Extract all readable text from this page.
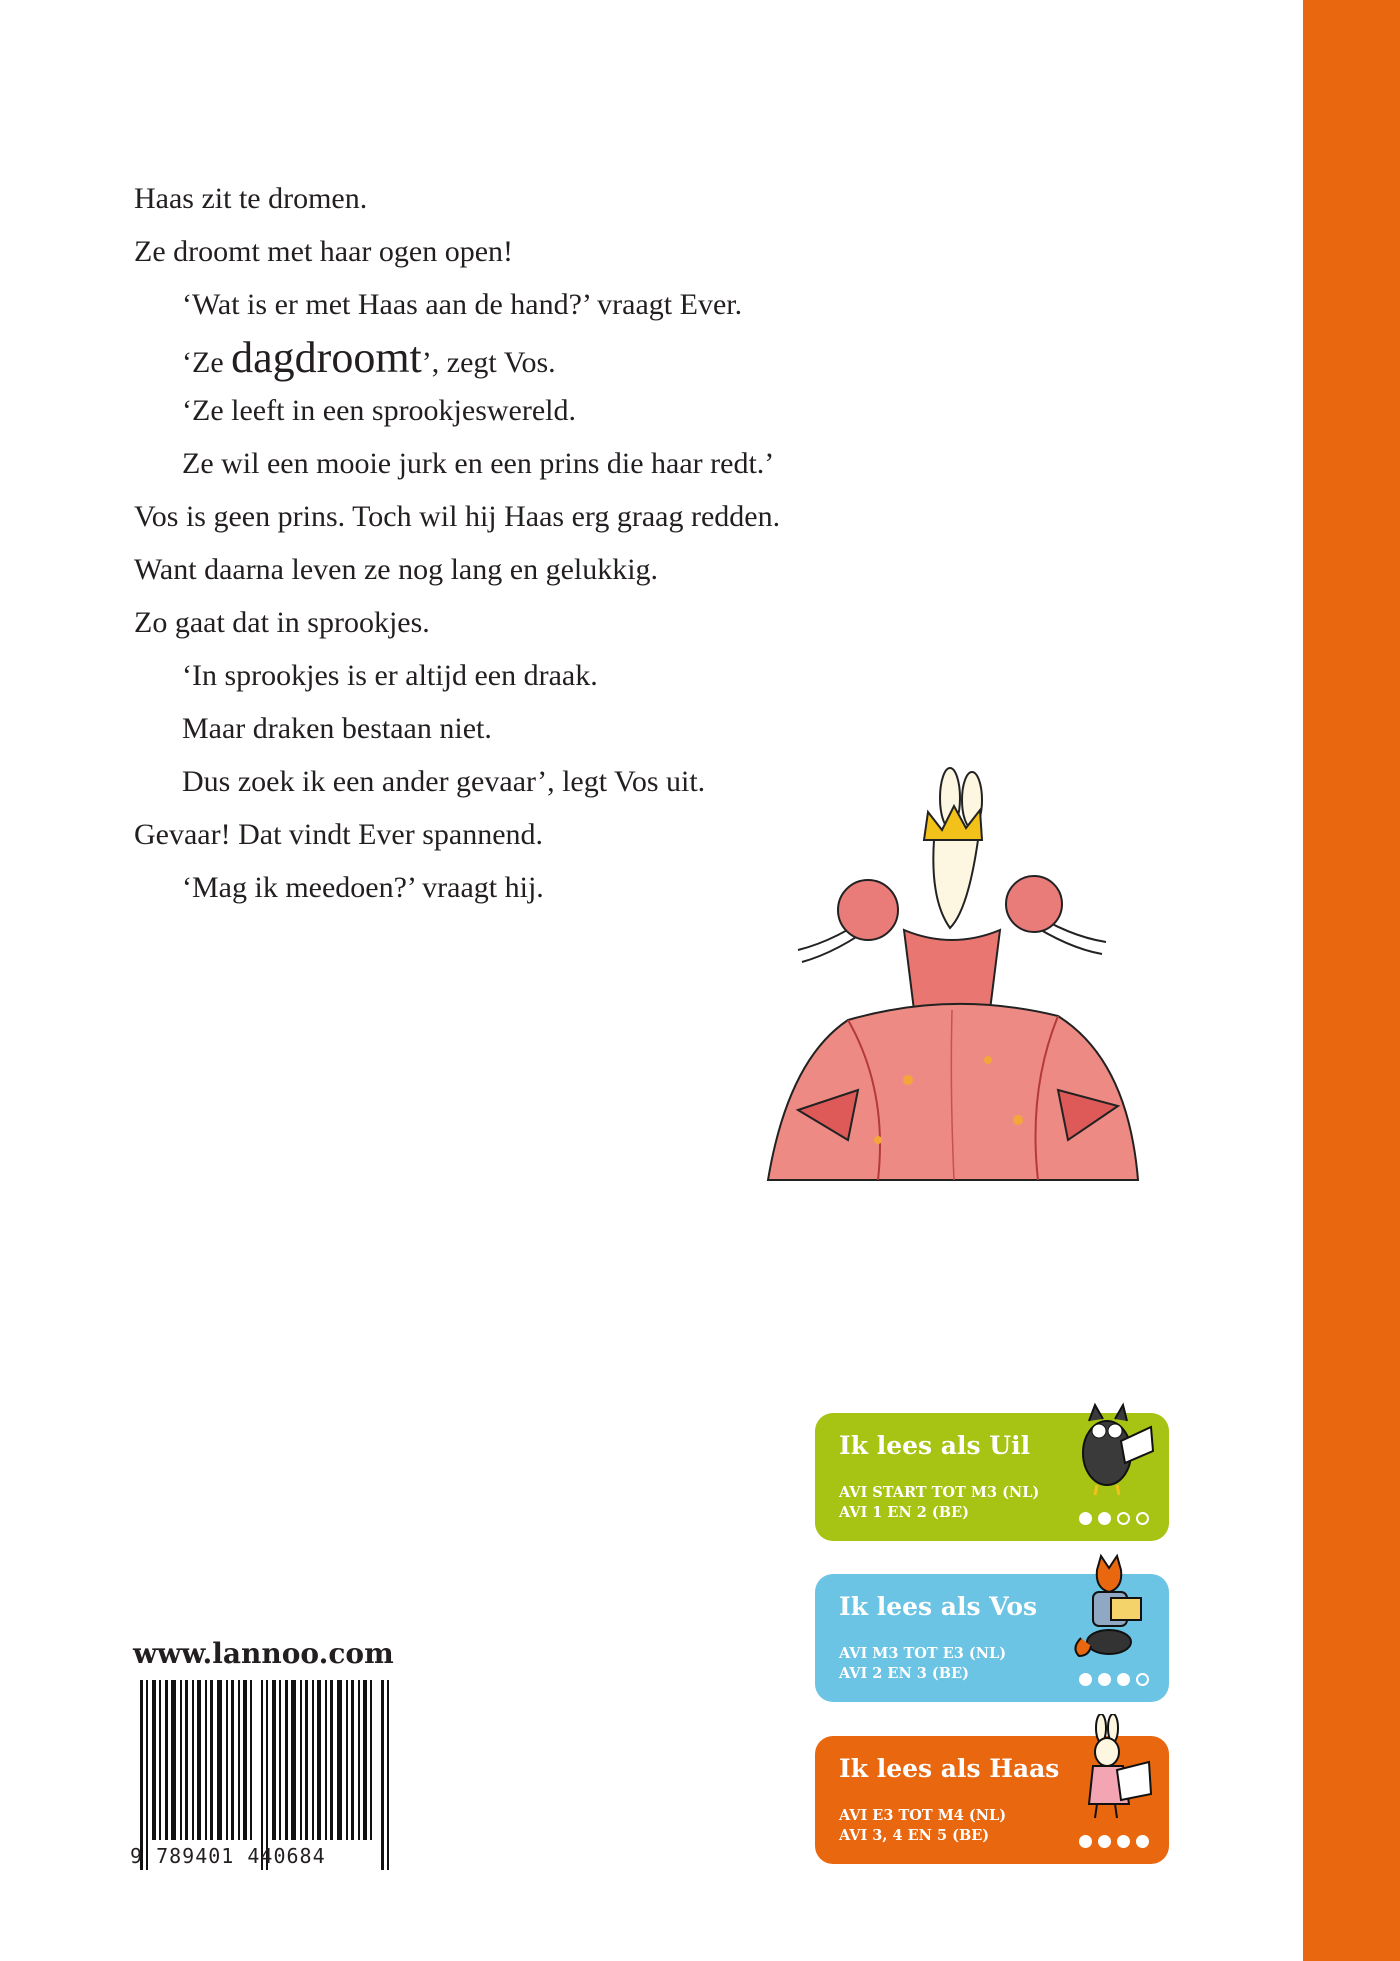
Haas zit te dromen.
Ze droomt met haar ogen open!
‘Wat is er met Haas aan de hand?’ vraagt Ever.
‘Ze dagdroomt’, zegt Vos.
‘Ze leeft in een sprookjeswereld.
Ze wil een mooie jurk en een prins die haar redt.’
Vos is geen prins. Toch wil hij Haas erg graag redden.
Want daarna leven ze nog lang en gelukkig.
Zo gaat dat in sprookjes.
‘In sprookjes is er altijd een draak.
Maar draken bestaan niet.
Dus zoek ik een ander gevaar’, legt Vos uit.
Gevaar! Dat vindt Ever spannend.
‘Mag ik meedoen?’ vraagt hij.
www.lannoo.com
9 789401 440684
Ik lees als Uil
AVI START TOT M3 (NL)
AVI 1 EN 2 (BE)
Ik lees als Vos
AVI M3 TOT E3 (NL)
AVI 2 EN 3 (BE)
Ik lees als Haas
AVI E3 TOT M4 (NL)
AVI 3, 4 EN 5 (BE)
